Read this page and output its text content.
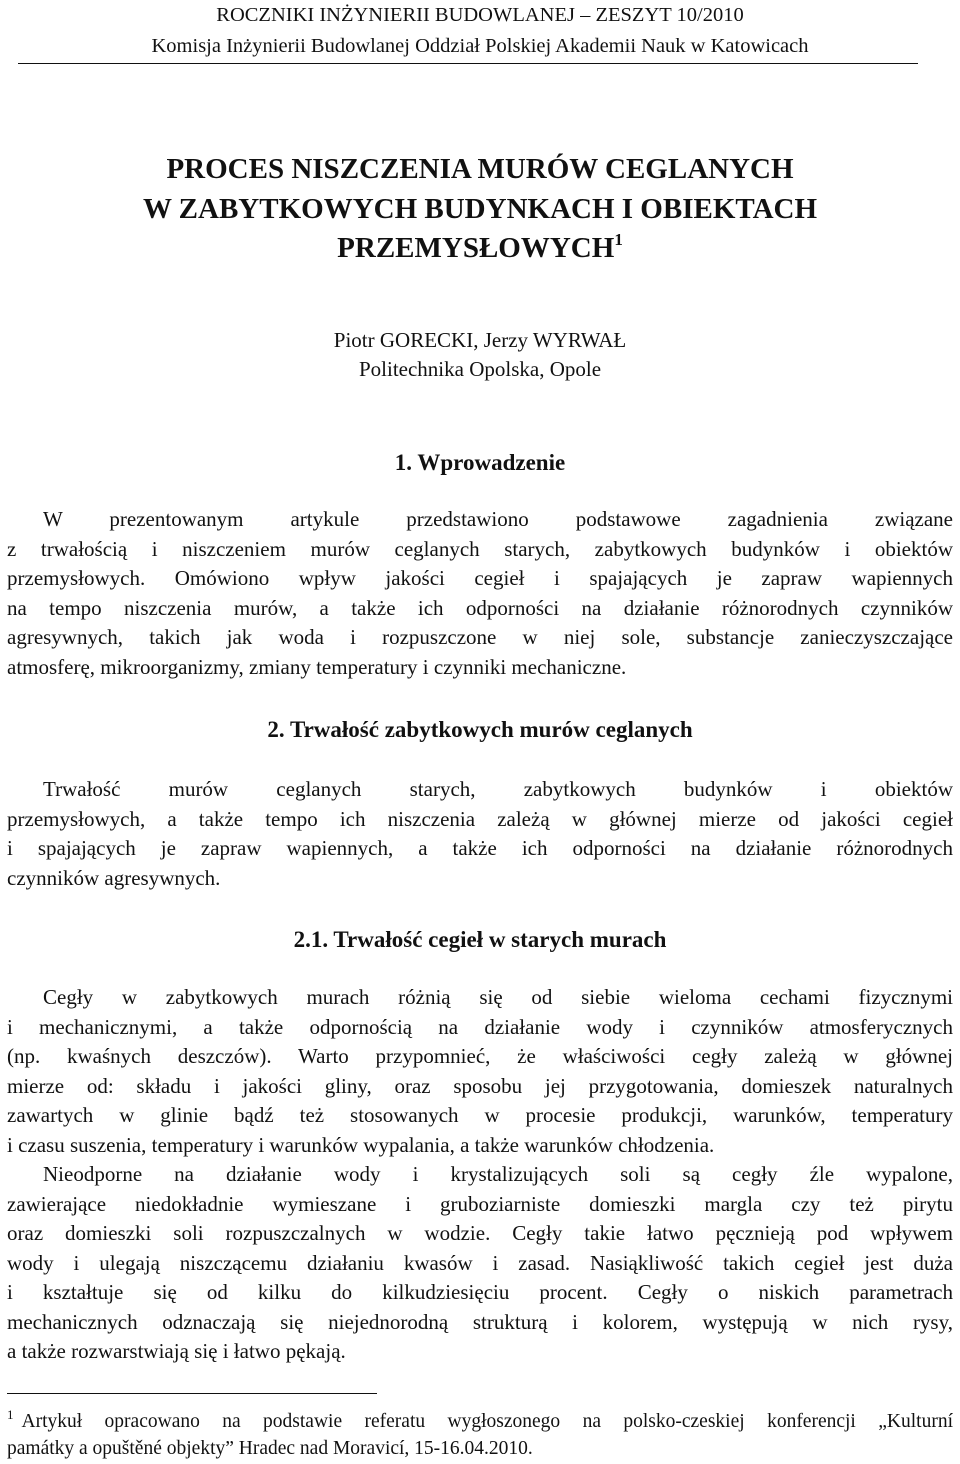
ROCZNIKI INŻYNIERII BUDOWLANEJ – ZESZYT 10/2010
Komisja Inżynierii Budowlanej Oddział Polskiej Akademii Nauk w Katowicach
PROCES NISZCZENIA MURÓW CEGLANYCH
W ZABYTKOWYCH BUDYNKACH I OBIEKTACH
PRZEMYSŁOWYCH$^1$
Piotr GORECKI, Jerzy WYRWAŁ
Politechnika Opolska, Opole
1. Wprowadzenie
W prezentowanym artykule przedstawiono podstawowe zagadnienia związane
z trwałością i niszczeniem murów ceglanych starych, zabytkowych budynków i obiektów
przemysłowych. Omówiono wpływ jakości cegieł i spajających je zapraw wapiennych
na tempo niszczenia murów, a także ich odporności na działanie różnorodnych czynników
agresywnych, takich jak woda i rozpuszczone w niej sole, substancje zanieczyszczające
atmosferę, mikroorganizmy, zmiany temperatury i czynniki mechaniczne.
2. Trwałość zabytkowych murów ceglanych
Trwałość murów ceglanych starych, zabytkowych budynków i obiektów
przemysłowych, a także tempo ich niszczenia zależą w głównej mierze od jakości cegieł
i spajających je zapraw wapiennych, a także ich odporności na działanie różnorodnych
czynników agresywnych.
2.1. Trwałość cegieł w starych murach
Cegły w zabytkowych murach różnią się od siebie wieloma cechami fizycznymi
i mechanicznymi, a także odpornością na działanie wody i czynników atmosferycznych
(np. kwaśnych deszczów). Warto przypomnieć, że właściwości cegły zależą w głównej
mierze od: składu i jakości gliny, oraz sposobu jej przygotowania, domieszek naturalnych
zawartych w glinie bądź też stosowanych w procesie produkcji, warunków, temperatury
i czasu suszenia, temperatury i warunków wypalania, a także warunków chłodzenia.
Nieodporne na działanie wody i krystalizujących soli są cegły źle wypalone,
zawierające niedokładnie wymieszane i gruboziarniste domieszki margla czy też pirytu
oraz domieszki soli rozpuszczalnych w wodzie. Cegły takie łatwo pęcznieją pod wpływem
wody i ulegają niszczącemu działaniu kwasów i zasad. Nasiąkliwość takich cegieł jest duża
i kształtuje się od kilku do kilkudziesięciu procent. Cegły o niskich parametrach
mechanicznych odznaczają się niejednorodną strukturą i kolorem, występują w nich rysy,
a także rozwarstwiają się i łatwo pękają.
$^1$ Artykuł opracowano na podstawie referatu wygłoszonego na polsko-czeskiej konferencji „Kulturní
památky a opuštěné objekty” Hradec nad Moravicí, 15-16.04.2010.
